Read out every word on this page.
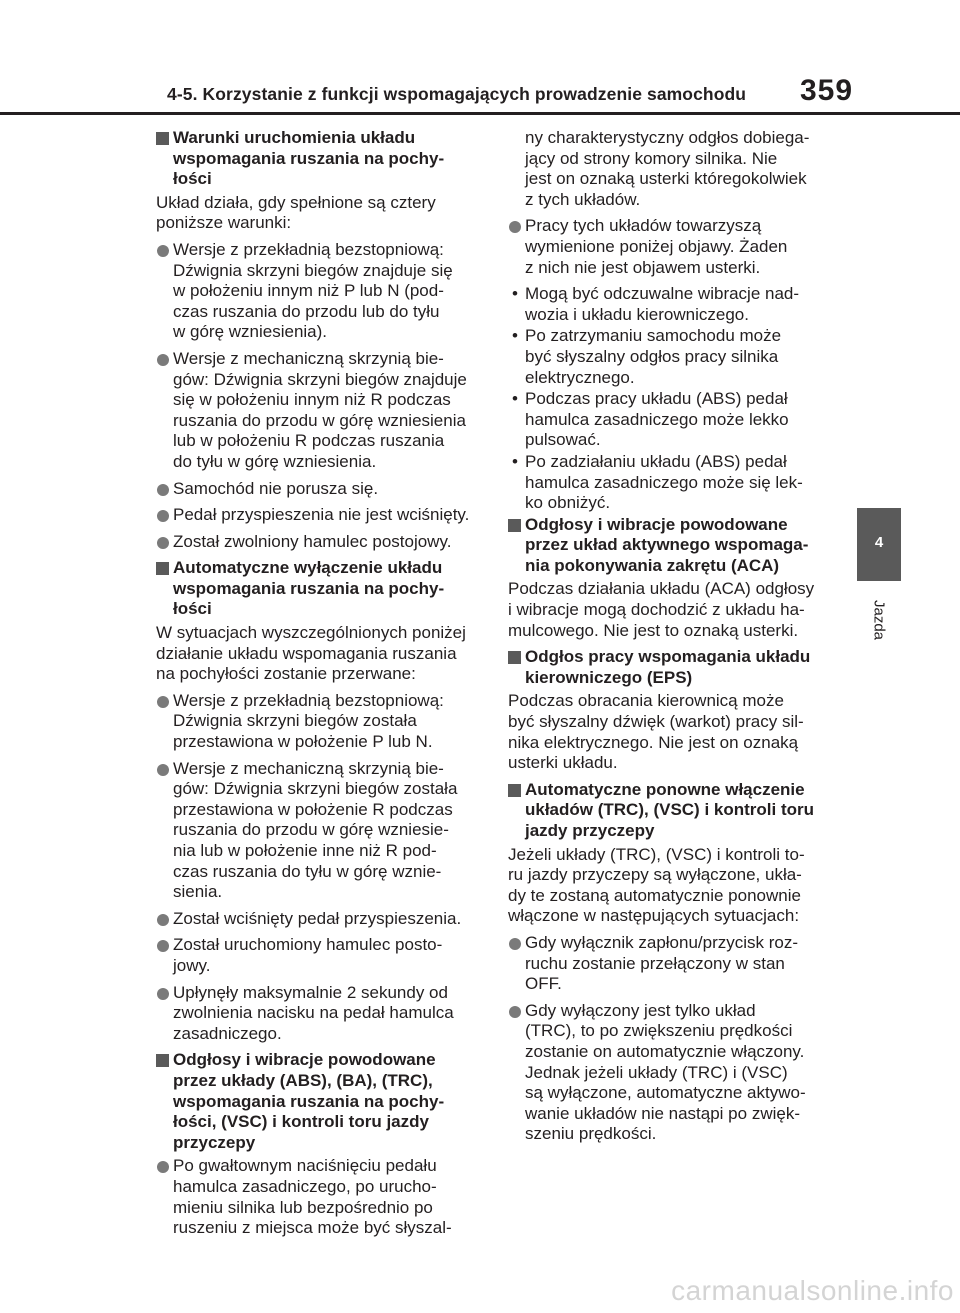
4-5. Korzystanie z funkcji wspomagających prowadzenie samochodu 359
4
Jazda

Warunki uruchomienia układu
wspomagania ruszania na pochy-
łości

Układ działa, gdy spełnione są cztery
poniższe warunki:

Wersje z przekładnią bezstopniową:
Dźwignia skrzyni biegów znajduje się
w położeniu innym niż P lub N (pod-
czas ruszania do przodu lub do tyłu
w górę wzniesienia).

Wersje z mechaniczną skrzynią bie-
gów: Dźwignia skrzyni biegów znajduje
się w położeniu innym niż R podczas
ruszania do przodu w górę wzniesienia
lub w położeniu R podczas ruszania
do tyłu w górę wzniesienia.

Samochód nie porusza się.

Pedał przyspieszenia nie jest wciśnięty.

Został zwolniony hamulec postojowy.

Automatyczne wyłączenie układu
wspomagania ruszania na pochy-
łości

W sytuacjach wyszczególnionych poniżej
działanie układu wspomagania ruszania
na pochyłości zostanie przerwane:

Wersje z przekładnią bezstopniową:
Dźwignia skrzyni biegów została
przestawiona w położenie P lub N.

Wersje z mechaniczną skrzynią bie-
gów: Dźwignia skrzyni biegów została
przestawiona w położenie R podczas
ruszania do przodu w górę wzniesie-
nia lub w położenie inne niż R pod-
czas ruszania do tyłu w górę wznie-
sienia.

Został wciśnięty pedał przyspieszenia.

Został uruchomiony hamulec posto-
jowy.

Upłynęły maksymalnie 2 sekundy od
zwolnienia nacisku na pedał hamulca
zasadniczego.

Odgłosy i wibracje powodowane
przez układy (ABS), (BA), (TRC),
wspomagania ruszania na pochy-
łości, (VSC) i kontroli toru jazdy
przyczepy

Po gwałtownym naciśnięciu pedału
hamulca zasadniczego, po urucho-
mieniu silnika lub bezpośrednio po
ruszeniu z miejsca może być słyszal-

ny charakterystyczny odgłos dobiega-
jący od strony komory silnika. Nie
jest on oznaką usterki któregokolwiek
z tych układów.

Pracy tych układów towarzyszą
wymienione poniżej objawy. Żaden
z nich nie jest objawem usterki.

• Mogą być odczuwalne wibracje nad-
wozia i układu kierowniczego.

• Po zatrzymaniu samochodu może
być słyszalny odgłos pracy silnika
elektrycznego.

• Podczas pracy układu (ABS) pedał
hamulca zasadniczego może lekko
pulsować.

• Po zadziałaniu układu (ABS) pedał
hamulca zasadniczego może się lek-
ko obniżyć.

Odgłosy i wibracje powodowane
przez układ aktywnego wspomaga-
nia pokonywania zakrętu (ACA)

Podczas działania układu (ACA) odgłosy
i wibracje mogą dochodzić z układu ha-
mulcowego. Nie jest to oznaką usterki.

Odgłos pracy wspomagania układu
kierowniczego (EPS)

Podczas obracania kierownicą może
być słyszalny dźwięk (warkot) pracy sil-
nika elektrycznego. Nie jest on oznaką
usterki układu.

Automatyczne ponowne włączenie
układów (TRC), (VSC) i kontroli toru
jazdy przyczepy

Jeżeli układy (TRC), (VSC) i kontroli to-
ru jazdy przyczepy są wyłączone, ukła-
dy te zostaną automatycznie ponownie
włączone w następujących sytuacjach:

Gdy wyłącznik zapłonu/przycisk roz-
ruchu zostanie przełączony w stan
OFF.

Gdy wyłączony jest tylko układ
(TRC), to po zwiększeniu prędkości
zostanie on automatycznie włączony.
Jednak jeżeli układy (TRC) i (VSC)
są wyłączone, automatyczne aktywo-
wanie układów nie nastąpi po zwięk-
szeniu prędkości.

carmanualsonline.info
